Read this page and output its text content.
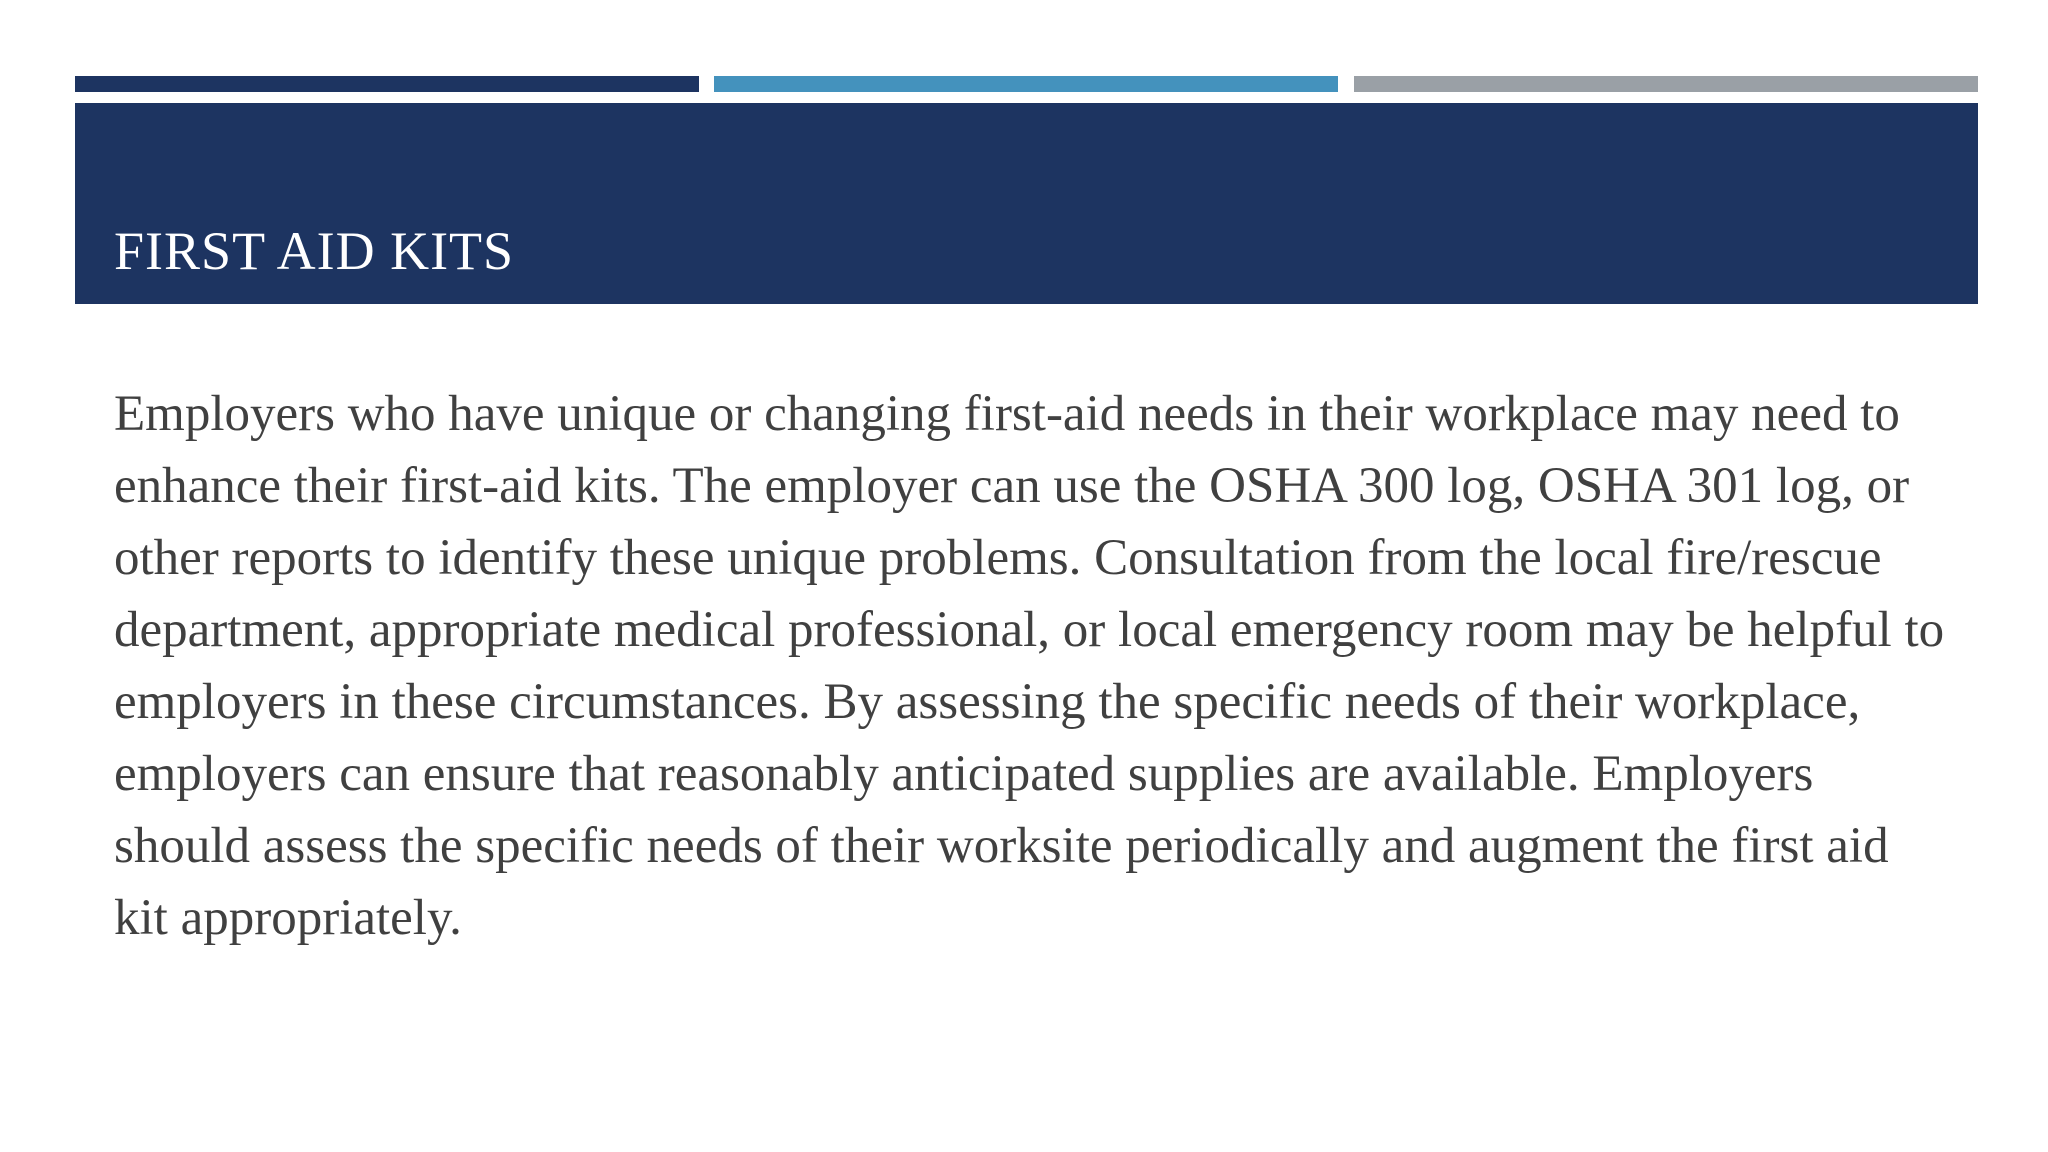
FIRST AID KITS

Employers who have unique or changing first-aid needs in their workplace may need to enhance their first-aid kits. The employer can use the OSHA 300 log, OSHA 301 log, or other reports to identify these unique problems. Consultation from the local fire/rescue department, appropriate medical professional, or local emergency room may be helpful to employers in these circumstances. By assessing the specific needs of their workplace, employers can ensure that reasonably anticipated supplies are available. Employers should assess the specific needs of their worksite periodically and augment the first aid kit appropriately.
